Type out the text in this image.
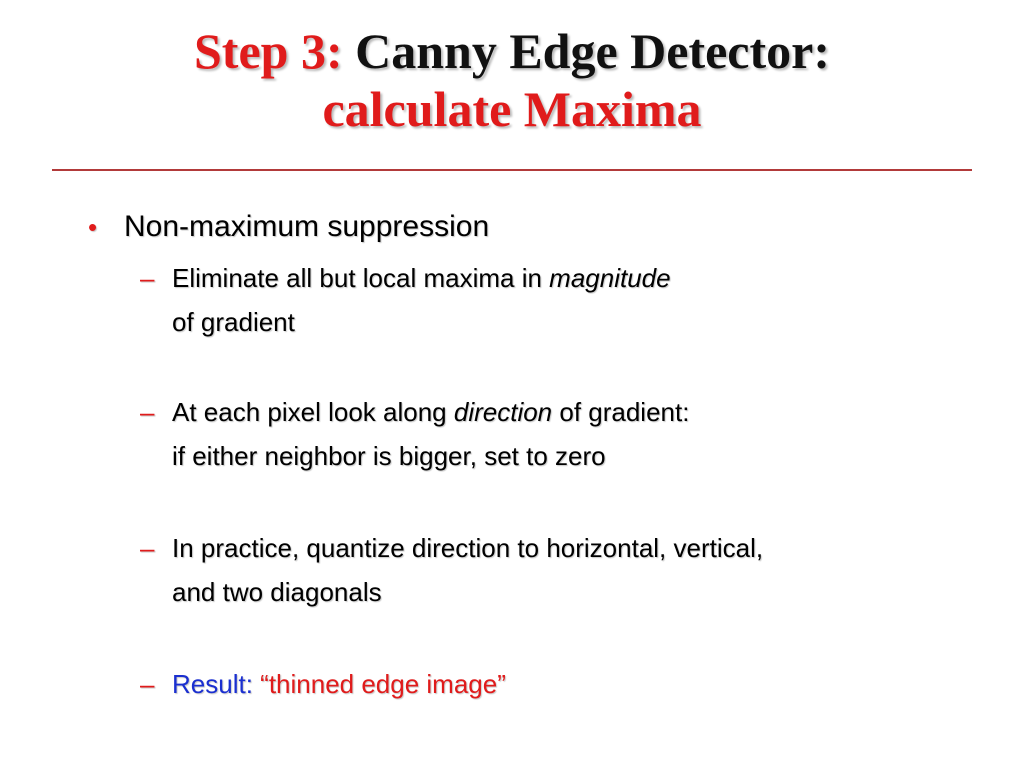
Step 3: Canny Edge Detector:
calculate Maxima
• Non-maximum suppression
– Eliminate all but local maxima in magnitude
of gradient
– At each pixel look along direction of gradient:
if either neighbor is bigger, set to zero
– In practice, quantize direction to horizontal, vertical,
and two diagonals
– Result: “thinned edge image”
